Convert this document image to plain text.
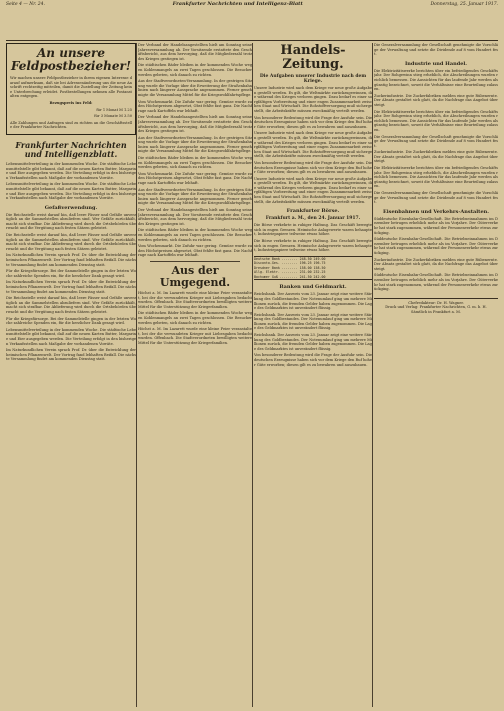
Seite 4 — Nr. 24.	Frankfurter Nachrichten und Intelligenz-Blatt	Donnerstag, 25. Januar 1917.
An unsere Feldpostbezieher!

Wir machen unsere Feldpostbezieher in ihrem eigenen Interesse darauf aufmerksam, daß sie bei Adressenänderung uns die neue Anschrift rechtzeitig mitteilen, damit die Zustellung der Zeitung keine Unterbrechung erleidet. Postbestellungen nehmen alle Postanstalten entgegen.

Bezugspreis ins Feld:

für 1 Monat M 1.25

für 3 Monate M 3.50

Alle Zahlungen und Anfragen sind zu richten an die Geschäftsstelle der Frankfurter Nachrichten.

Frankfurter Nachrichten und Intelligenzblatt.

Lebensmittelverteilung in der kommenden Woche. Die städtische Lebensmittelstelle gibt bekannt, daß auf die neuen Karten Butter, Margarine und Eier ausgegeben werden. Die Verteilung erfolgt in den bisherigen Verkaufsstellen nach Maßgabe der vorhandenen Vorräte.

Lebensmittelverteilung in der kommenden Woche. Die städtische Lebensmittelstelle gibt bekannt, daß auf die neuen Karten Butter, Margarine und Eier ausgegeben werden. Die Verteilung erfolgt in den bisherigen Verkaufsstellen nach Maßgabe der vorhandenen Vorräte.

Gefaßverwendung.

Die Reichsstelle weist darauf hin, daß leere Fässer und Gefäße unverzüglich an die Sammelstellen abzuliefern sind. Wer Gefäße zurückhält, macht sich strafbar. Die Ablieferung wird durch die Ortsbehörden überwacht und die Vergütung nach festen Sätzen geleistet.

Die Reichsstelle weist darauf hin, daß leere Fässer und Gefäße unverzüglich an die Sammelstellen abzuliefern sind. Wer Gefäße zurückhält, macht sich strafbar. Die Ablieferung wird durch die Ortsbehörden überwacht und die Vergütung nach festen Sätzen geleistet.

Im Naturkundlichen Verein sprach Prof. Dr. über die Entwicklung der heimischen Pflanzenwelt. Der Vortrag fand lebhaften Beifall. Die nächste Versammlung findet am kommenden Dienstag statt.

Für die Kriegsfürsorge. Bei der Sammelstelle gingen in der letzten Woche zahlreiche Spenden ein, für die herzlicher Dank gesagt wird.

Im Naturkundlichen Verein sprach Prof. Dr. über die Entwicklung der heimischen Pflanzenwelt. Der Vortrag fand lebhaften Beifall. Die nächste Versammlung findet am kommenden Dienstag statt.

Die Reichsstelle weist darauf hin, daß leere Fässer und Gefäße unverzüglich an die Sammelstellen abzuliefern sind. Wer Gefäße zurückhält, macht sich strafbar. Die Ablieferung wird durch die Ortsbehörden überwacht und die Vergütung nach festen Sätzen geleistet.

Für die Kriegsfürsorge. Bei der Sammelstelle gingen in der letzten Woche zahlreiche Spenden ein, für die herzlicher Dank gesagt wird.

Lebensmittelverteilung in der kommenden Woche. Die städtische Lebensmittelstelle gibt bekannt, daß auf die neuen Karten Butter, Margarine und Eier ausgegeben werden. Die Verteilung erfolgt in den bisherigen Verkaufsstellen nach Maßgabe der vorhandenen Vorräte.

Im Naturkundlichen Verein sprach Prof. Dr. über die Entwicklung der heimischen Pflanzenwelt. Der Vortrag fand lebhaften Beifall. Die nächste Versammlung findet am kommenden Dienstag statt.

Der Verband der Handelsangestellten hielt am Sonntag seine Jahresversammlung ab. Der Vorsitzende erstattete den Geschäftsbericht, aus dem hervorging, daß die Mitgliederzahl trotz des Krieges gestiegen ist.

Die städtischen Bäder bleiben in der kommenden Woche wegen Kohlenmangels an zwei Tagen geschlossen. Die Besucher werden gebeten, sich danach zu richten.

Aus der Stadtverordneten-Versammlung. In der gestrigen Sitzung wurde die Vorlage über die Erweiterung der Straßenbahnlinien nach längerer Aussprache angenommen. Ferner genehmigte die Versammlung Mittel für die Kriegswohlfahrtspflege.

Vom Wochenmarkt. Die Zufuhr war gering. Gemüse wurde zu den Höchstpreisen abgesetzt, Obst fehlte fast ganz. Die Nachfrage nach Kartoffeln war lebhaft.

Der Verband der Handelsangestellten hielt am Sonntag seine Jahresversammlung ab. Der Vorsitzende erstattete den Geschäftsbericht, aus dem hervorging, daß die Mitgliederzahl trotz des Krieges gestiegen ist.

Aus der Stadtverordneten-Versammlung. In der gestrigen Sitzung wurde die Vorlage über die Erweiterung der Straßenbahnlinien nach längerer Aussprache angenommen. Ferner genehmigte die Versammlung Mittel für die Kriegswohlfahrtspflege.

Die städtischen Bäder bleiben in der kommenden Woche wegen Kohlenmangels an zwei Tagen geschlossen. Die Besucher werden gebeten, sich danach zu richten.

Vom Wochenmarkt. Die Zufuhr war gering. Gemüse wurde zu den Höchstpreisen abgesetzt, Obst fehlte fast ganz. Die Nachfrage nach Kartoffeln war lebhaft.

Aus der Stadtverordneten-Versammlung. In der gestrigen Sitzung wurde die Vorlage über die Erweiterung der Straßenbahnlinien nach längerer Aussprache angenommen. Ferner genehmigte die Versammlung Mittel für die Kriegswohlfahrtspflege.

Der Verband der Handelsangestellten hielt am Sonntag seine Jahresversammlung ab. Der Vorsitzende erstattete den Geschäftsbericht, aus dem hervorging, daß die Mitgliederzahl trotz des Krieges gestiegen ist.

Die städtischen Bäder bleiben in der kommenden Woche wegen Kohlenmangels an zwei Tagen geschlossen. Die Besucher werden gebeten, sich danach zu richten.

Vom Wochenmarkt. Die Zufuhr war gering. Gemüse wurde zu den Höchstpreisen abgesetzt, Obst fehlte fast ganz. Die Nachfrage nach Kartoffeln war lebhaft.

Aus der Umgegend.

Höchst a. M. Im Lazarett wurde eine kleine Feier veranstaltet, bei der die verwundeten Krieger mit Liebesgaben bedacht wurden. Offenbach. Die Stadtverordneten bewilligten weitere Mittel für die Unterstützung der Kriegerfamilien.

Die städtischen Bäder bleiben in der kommenden Woche wegen Kohlenmangels an zwei Tagen geschlossen. Die Besucher werden gebeten, sich danach zu richten.

Höchst a. M. Im Lazarett wurde eine kleine Feier veranstaltet, bei der die verwundeten Krieger mit Liebesgaben bedacht wurden. Offenbach. Die Stadtverordneten bewilligten weitere Mittel für die Unterstützung der Kriegerfamilien.

Handels-Zeitung.
Die Aufgaben unserer Industrie nach dem Kriege.

Unsere Industrie wird nach dem Kriege vor neue große Aufgaben gestellt werden. Es gilt, die Weltmärkte zurückzugewinnen, die während des Krieges verloren gingen. Dazu bedarf es einer sorgfältigen Vorbereitung und einer engen Zusammenarbeit zwischen Staat und Wirtschaft. Die Rohstoffversorgung muß sichergestellt, die Arbeitskräfte müssen zweckmäßig verteilt werden.

Von besonderer Bedeutung wird die Frage der Ausfuhr sein. Die deutschen Erzeugnisse haben sich vor dem Kriege den Ruf hoher Güte erworben; diesen gilt es zu bewahren und auszubauen.

Unsere Industrie wird nach dem Kriege vor neue große Aufgaben gestellt werden. Es gilt, die Weltmärkte zurückzugewinnen, die während des Krieges verloren gingen. Dazu bedarf es einer sorgfältigen Vorbereitung und einer engen Zusammenarbeit zwischen Staat und Wirtschaft. Die Rohstoffversorgung muß sichergestellt, die Arbeitskräfte müssen zweckmäßig verteilt werden.

Von besonderer Bedeutung wird die Frage der Ausfuhr sein. Die deutschen Erzeugnisse haben sich vor dem Kriege den Ruf hoher Güte erworben; diesen gilt es zu bewahren und auszubauen.

Unsere Industrie wird nach dem Kriege vor neue große Aufgaben gestellt werden. Es gilt, die Weltmärkte zurückzugewinnen, die während des Krieges verloren gingen. Dazu bedarf es einer sorgfältigen Vorbereitung und einer engen Zusammenarbeit zwischen Staat und Wirtschaft. Die Rohstoffversorgung muß sichergestellt, die Arbeitskräfte müssen zweckmäßig verteilt werden.

Frankfurter Börse.
Frankfurt a. M., den 24. Januar 1917.

Die Börse verkehrte in ruhiger Haltung. Das Geschäft bewegte sich in engen Grenzen. Heimische Anlagewerte waren behauptet, Industriepapiere teilweise etwas höher.

Die Börse verkehrte in ruhiger Haltung. Das Geschäft bewegte sich in engen Grenzen. Heimische Anlagewerte waren behauptet, Industriepapiere teilweise etwas höher.

Deutsche Bank ........ 248.50 249.00
Disconto-Ges. ........ 196.25 196.75
Dresdner Bank ........ 158.00 158.50
Allg. Elektr. ........ 231.00 232.25
Bochumer Guß ......... 241.50 242.00
Banken und Geldmarkt.

Reichsbank. Der Ausweis vom 23. Januar zeigt eine weitere Stärkung des Goldbestandes. Der Notenumlauf ging um mehrere Millionen zurück, die fremden Gelder haben zugenommen. Die Lage des Geldmarktes ist unverändert flüssig.

Reichsbank. Der Ausweis vom 23. Januar zeigt eine weitere Stärkung des Goldbestandes. Der Notenumlauf ging um mehrere Millionen zurück, die fremden Gelder haben zugenommen. Die Lage des Geldmarktes ist unverändert flüssig.

Reichsbank. Der Ausweis vom 23. Januar zeigt eine weitere Stärkung des Goldbestandes. Der Notenumlauf ging um mehrere Millionen zurück, die fremden Gelder haben zugenommen. Die Lage des Geldmarktes ist unverändert flüssig.

Von besonderer Bedeutung wird die Frage der Ausfuhr sein. Die deutschen Erzeugnisse haben sich vor dem Kriege den Ruf hoher Güte erworben; diesen gilt es zu bewahren und auszubauen.

Die Generalversammlung der Gesellschaft genehmigte die Vorschläge der Verwaltung und setzte die Dividende auf 8 vom Hundert fest.

Industrie und Handel.

Die Elektrizitätswerke berichten über ein befriedigendes Geschäftsjahr. Der Rohgewinn stieg erheblich, die Abschreibungen wurden reichlich bemessen. Die Aussichten für das laufende Jahr werden als günstig bezeichnet, soweit die Verhältnisse eine Beurteilung zulassen.

Zuckerindustrie. Die Zuckerfabriken melden eine gute Rübenernte. Der Absatz gestaltet sich glatt, da die Nachfrage das Angebot übersteigt.

Die Elektrizitätswerke berichten über ein befriedigendes Geschäftsjahr. Der Rohgewinn stieg erheblich, die Abschreibungen wurden reichlich bemessen. Die Aussichten für das laufende Jahr werden als günstig bezeichnet, soweit die Verhältnisse eine Beurteilung zulassen.

Die Generalversammlung der Gesellschaft genehmigte die Vorschläge der Verwaltung und setzte die Dividende auf 8 vom Hundert fest.

Zuckerindustrie. Die Zuckerfabriken melden eine gute Rübenernte. Der Absatz gestaltet sich glatt, da die Nachfrage das Angebot übersteigt.

Die Elektrizitätswerke berichten über ein befriedigendes Geschäftsjahr. Der Rohgewinn stieg erheblich, die Abschreibungen wurden reichlich bemessen. Die Aussichten für das laufende Jahr werden als günstig bezeichnet, soweit die Verhältnisse eine Beurteilung zulassen.

Die Generalversammlung der Gesellschaft genehmigte die Vorschläge der Verwaltung und setzte die Dividende auf 8 vom Hundert fest.

Eisenbahnen und Verkehrs-Anstalten.

Süddeutsche Eisenbahn-Gesellschaft. Die Betriebseinnahmen im Dezember betrugen erheblich mehr als im Vorjahre. Der Güterverkehr hat stark zugenommen, während der Personenverkehr etwas zurückging.

Süddeutsche Eisenbahn-Gesellschaft. Die Betriebseinnahmen im Dezember betrugen erheblich mehr als im Vorjahre. Der Güterverkehr hat stark zugenommen, während der Personenverkehr etwas zurückging.

Zuckerindustrie. Die Zuckerfabriken melden eine gute Rübenernte. Der Absatz gestaltet sich glatt, da die Nachfrage das Angebot übersteigt.

Süddeutsche Eisenbahn-Gesellschaft. Die Betriebseinnahmen im Dezember betrugen erheblich mehr als im Vorjahre. Der Güterverkehr hat stark zugenommen, während der Personenverkehr etwas zurückging.

Chefredakteur: Dr. H. Wagner.
Druck und Verlag: Frankfurter Nachrichten, G. m. b. H.
Sämtlich in Frankfurt a. M.
